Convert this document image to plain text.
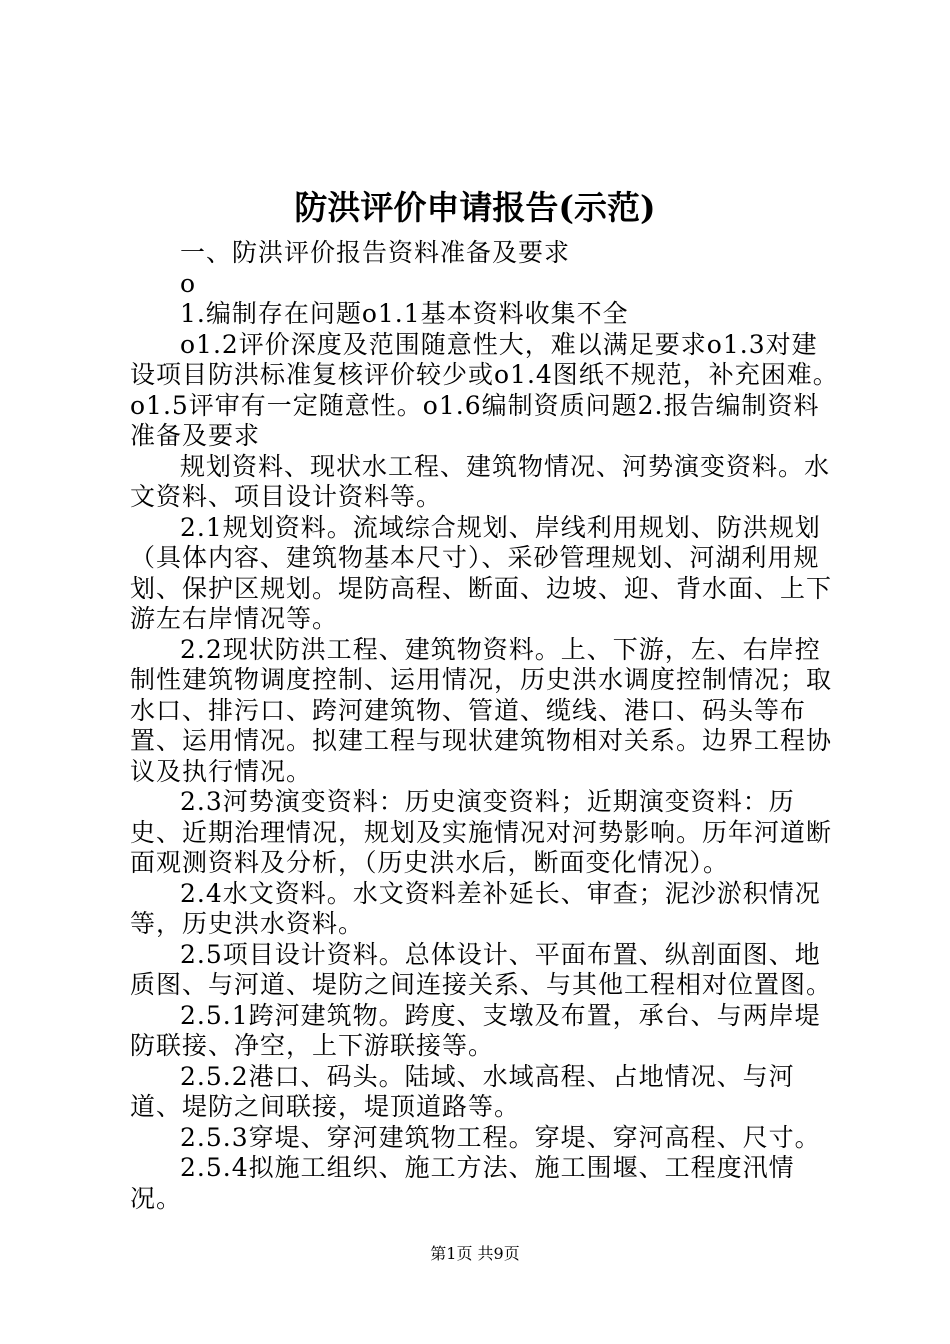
防洪评价申请报告(示范)

一、防洪评价报告资料准备及要求

o

1.编制存在问题o1.1基本资料收集不全

o1.2评价深度及范围随意性大，难以满足要求o1.3对建设项目防洪标准复核评价较少或o1.4图纸不规范，补充困难。o1.5评审有一定随意性。o1.6编制资质问题2.报告编制资料准备及要求

规划资料、现状水工程、建筑物情况、河势演变资料。水文资料、项目设计资料等。

2.1规划资料。流域综合规划、岸线利用规划、防洪规划（具体内容、建筑物基本尺寸）、采砂管理规划、河湖利用规划、保护区规划。堤防高程、断面、边坡、迎、背水面、上下游左右岸情况等。

2.2现状防洪工程、建筑物资料。上、下游，左、右岸控制性建筑物调度控制、运用情况，历史洪水调度控制情况；取水口、排污口、跨河建筑物、管道、缆线、港口、码头等布置、运用情况。拟建工程与现状建筑物相对关系。边界工程协议及执行情况。

2.3河势演变资料：历史演变资料；近期演变资料：历史、近期治理情况，规划及实施情况对河势影响。历年河道断面观测资料及分析，（历史洪水后，断面变化情况）。

2.4水文资料。水文资料差补延长、审查；泥沙淤积情况等，历史洪水资料。

2.5项目设计资料。总体设计、平面布置、纵剖面图、地质图、与河道、堤防之间连接关系、与其他工程相对位置图。

2.5.1跨河建筑物。跨度、支墩及布置，承台、与两岸堤防联接、净空，上下游联接等。

2.5.2港口、码头。陆域、水域高程、占地情况、与河道、堤防之间联接，堤顶道路等。

2.5.3穿堤、穿河建筑物工程。穿堤、穿河高程、尺寸。

2.5.4拟施工组织、施工方法、施工围堰、工程度汛情况。

第1页 共9页
